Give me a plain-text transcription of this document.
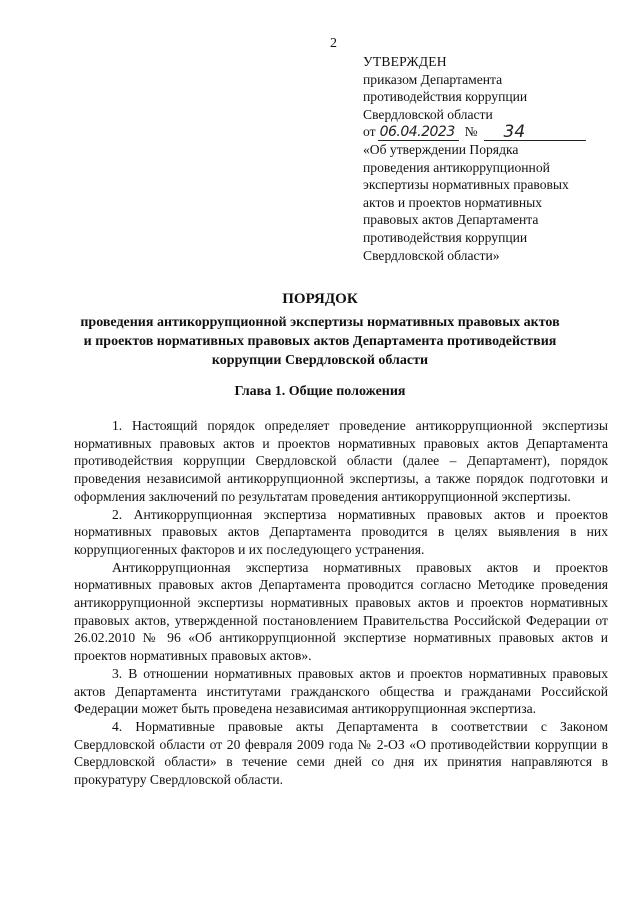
2
УТВЕРЖДЕН
приказом Департамента
противодействия коррупции
Свердловской области
от 06.04.2023 №	34
«Об утверждении Порядка
проведения антикоррупционной
экспертизы нормативных правовых
актов и проектов нормативных
правовых актов Департамента
противодействия коррупции
Свердловской области»
ПОРЯДОК
проведения антикоррупционной экспертизы нормативных правовых актов
и проектов нормативных правовых актов Департамента противодействия
коррупции Свердловской области
Глава 1. Общие положения

1. Настоящий порядок определяет проведение антикоррупционной экспертизы нормативных правовых актов и проектов нормативных правовых актов Департамента противодействия коррупции Свердловской области (далее – Департамент), порядок проведения независимой антикоррупционной экспертизы, а также порядок подготовки и оформления заключений по результатам проведения антикоррупционной экспертизы.

2. Антикоррупционная экспертиза нормативных правовых актов и проектов нормативных правовых актов Департамента проводится в целях выявления в них коррупциогенных факторов и их последующего устранения.

Антикоррупционная экспертиза нормативных правовых актов и проектов нормативных правовых актов Департамента проводится согласно Методике проведения антикоррупционной экспертизы нормативных правовых актов и проектов нормативных правовых актов, утвержденной постановлением Правительства Российской Федерации от 26.02.2010 № 96 «Об антикоррупционной экспертизе нормативных правовых актов и проектов нормативных правовых актов».

3. В отношении нормативных правовых актов и проектов нормативных правовых актов Департамента институтами гражданского общества и гражданами Российской Федерации может быть проведена независимая антикоррупционная экспертиза.

4. Нормативные правовые акты Департамента в соответствии с Законом Свердловской области от 20 февраля 2009 года № 2-ОЗ «О противодействии коррупции в Свердловской области» в течение семи дней со дня их принятия направляются в прокуратуру Свердловской области.
